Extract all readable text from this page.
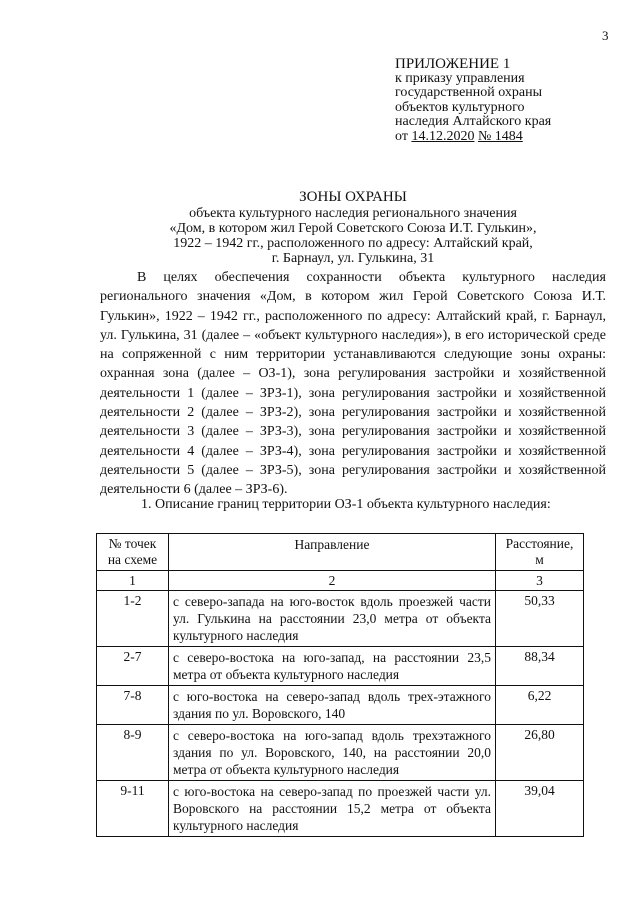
3
ПРИЛОЖЕНИЕ 1
к приказу управления
государственной охраны
объектов культурного
наследия Алтайского края
от 14.12.2020 № 1484
ЗОНЫ ОХРАНЫ
объекта культурного наследия регионального значения
«Дом, в котором жил Герой Советского Союза И.Т. Гулькин»,
1922 – 1942 гг., расположенного по адресу: Алтайский край,
г. Барнаул, ул. Гулькина, 31
В целях обеспечения сохранности объекта культурного наследия регионального значения «Дом, в котором жил Герой Советского Союза И.Т. Гулькин», 1922 – 1942 гг., расположенного по адресу: Алтайский край, г. Барнаул, ул. Гулькина, 31 (далее – «объект культурного наследия»), в его исторической среде на сопряженной с ним территории устанавливаются следующие зоны охраны: охранная зона (далее – ОЗ-1), зона регулирования застройки и хозяйственной деятельности 1 (далее – ЗРЗ-1), зона регулирования застройки и хозяйственной деятельности 2 (далее – ЗРЗ-2), зона регулирования застройки и хозяйственной деятельности 3 (далее – ЗРЗ-3), зона регулирования застройки и хозяйственной деятельности 4 (далее – ЗРЗ-4), зона регулирования застройки и хозяйственной деятельности 5 (далее – ЗРЗ-5), зона регулирования застройки и хозяйственной деятельности 6 (далее – ЗРЗ-6).
1. Описание границ территории ОЗ-1 объекта культурного наследия:
№ точек на схеме	Направление	Расстояние, м
1	2	3
1-2	с северо-запада на юго-восток вдоль проезжей части ул. Гулькина на расстоянии 23,0 метра от объекта культурного наследия	50,33
2-7	с северо-востока на юго-запад, на расстоянии 23,5 метра от объекта культурного наследия	88,34
7-8	с юго-востока на северо-запад вдоль трех-этажного здания по ул. Воровского, 140	6,22
8-9	с северо-востока на юго-запад вдоль трехэтажного здания по ул. Воровского, 140, на расстоянии 20,0 метра от объекта культурного наследия	26,80
9-11	с юго-востока на северо-запад по проезжей части ул. Воровского на расстоянии 15,2 метра от объекта культурного наследия	39,04
